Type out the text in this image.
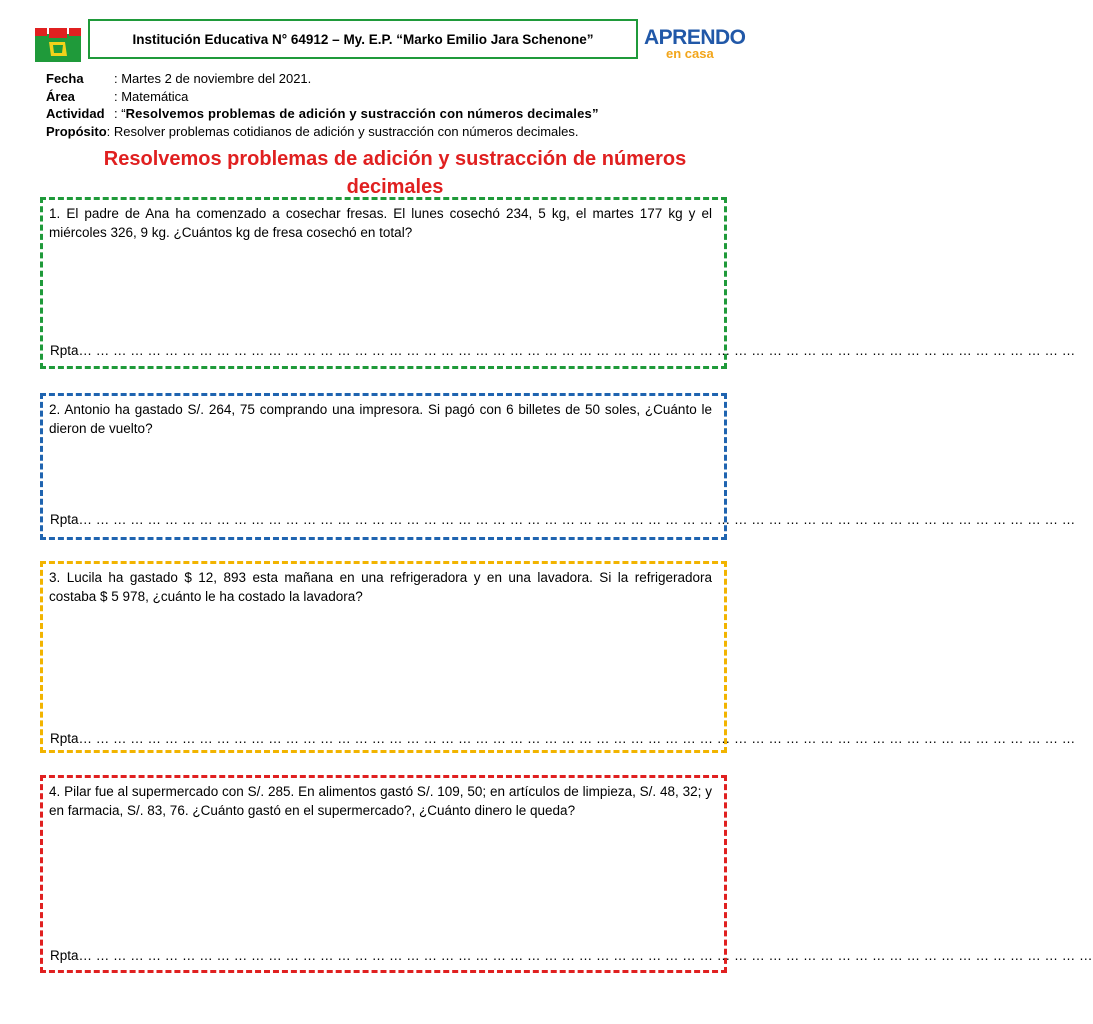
Institución Educativa N° 64912 – My. E.P. “Marko Emilio Jara Schenone”	APRENDO
en casa
Fecha	: Martes 2 de noviembre del 2021.
Área	: Matemática
Actividad : “ Resolvemos problemas de adición y sustracción con números decimales”
Propósito : Resolver problemas cotidianos de adición y sustracción con números decimales.
Resolvemos problemas de adición y sustracción de números decimales
1. El padre de Ana ha comenzado a cosechar fresas. El lunes cosechó 234, 5 kg, el martes 177 kg y el miércoles 326, 9 kg. ¿Cuántos kg de fresa cosechó en total?
Rpta… … … … … … … … … … … … … … … … … … … … … … … … … … … … … … … … … … … … … … … … … … … … … … … … … … … … … … … … … …
2. Antonio ha gastado S/. 264, 75 comprando una impresora. Si pagó con 6 billetes de 50 soles, ¿Cuánto le dieron de vuelto?
Rpta… … … … … … … … … … … … … … … … … … … … … … … … … … … … … … … … … … … … … … … … … … … … … … … … … … … … … … … … … …
3. Lucila ha gastado $ 12, 893 esta mañana en una refrigeradora y en una lavadora. Si la refrigeradora costaba $ 5 978, ¿cuánto le ha costado la lavadora?
Rpta… … … … … … … … … … … … … … … … … … … … … … … … … … … … … … … … … … … … … … … … … … … … … … … … … … … … … … … … … …
4. Pilar fue al supermercado con S/. 285. En alimentos gastó S/. 109, 50; en artículos de limpieza, S/. 48, 32; y en farmacia, S/. 83, 76. ¿Cuánto gastó en el supermercado?, ¿Cuánto dinero le queda?
Rpta… … … … … … … … … … … … … … … … … … … … … … … … … … … … … … … … … … … … … … … … … … … … … … … … … … … … … … … … … … …
